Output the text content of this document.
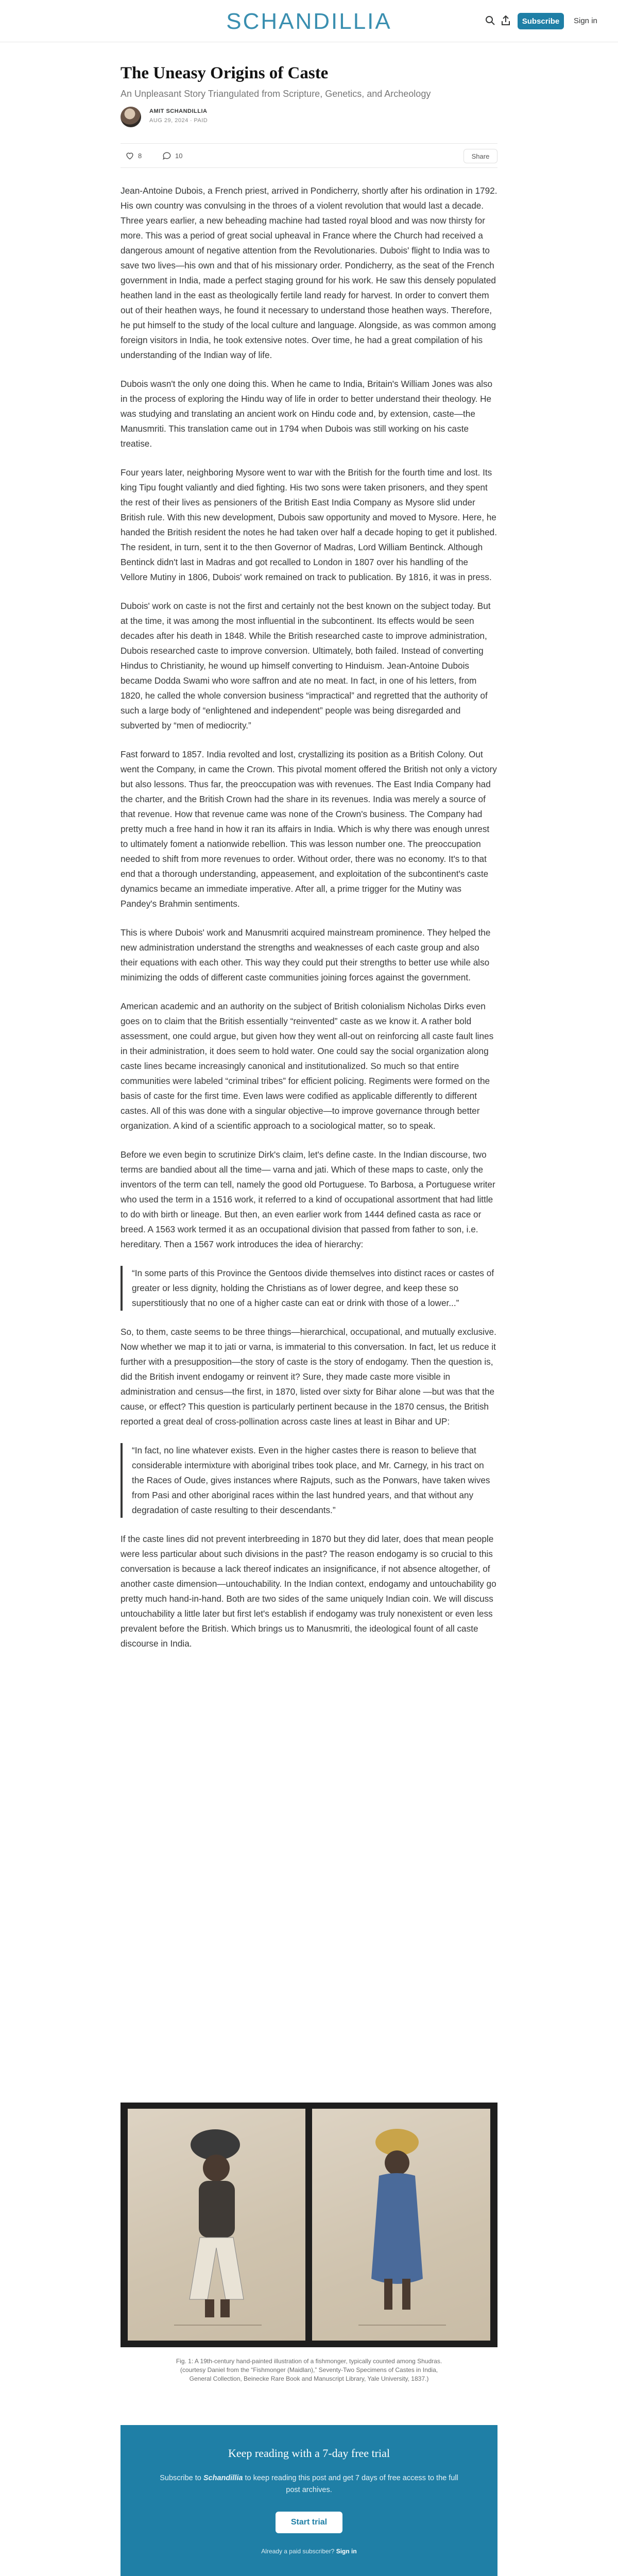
SCHANDILLIA	Subscribe	Sign in
The Uneasy Origins of Caste
An Unpleasant Story Triangulated from Scripture, Genetics, and Archeology
AMIT SCHANDILLIA
AUG 29, 2024 ∙ PAID
8	10	Share

Jean-Antoine Dubois, a French priest, arrived in Pondicherry, shortly after his ordination in 1792. His own country was convulsing in the throes of a violent revolution that would last a decade. Three years earlier, a new beheading machine had tasted royal blood and was now thirsty for more. This was a period of great social upheaval in France where the Church had received a dangerous amount of negative attention from the Revolutionaries. Dubois' flight to India was to save two lives—his own and that of his missionary order. Pondicherry, as the seat of the French government in India, made a perfect staging ground for his work. He saw this densely populated heathen land in the east as theologically fertile land ready for harvest. In order to convert them out of their heathen ways, he found it necessary to understand those heathen ways. Therefore, he put himself to the study of the local culture and language. Alongside, as was common among foreign visitors in India, he took extensive notes. Over time, he had a great compilation of his understanding of the Indian way of life.

Dubois wasn't the only one doing this. When he came to India, Britain's William Jones was also in the process of exploring the Hindu way of life in order to better understand their theology. He was studying and translating an ancient work on Hindu code and, by extension, caste—the Manusmriti. This translation came out in 1794 when Dubois was still working on his caste treatise.

Four years later, neighboring Mysore went to war with the British for the fourth time and lost. Its king Tipu fought valiantly and died fighting. His two sons were taken prisoners, and they spent the rest of their lives as pensioners of the British East India Company as Mysore slid under British rule. With this new development, Dubois saw opportunity and moved to Mysore. Here, he handed the British resident the notes he had taken over half a decade hoping to get it published. The resident, in turn, sent it to the then Governor of Madras, Lord William Bentinck. Although Bentinck didn't last in Madras and got recalled to London in 1807 over his handling of the Vellore Mutiny in 1806, Dubois' work remained on track to publication. By 1816, it was in press.

Dubois' work on caste is not the first and certainly not the best known on the subject today. But at the time, it was among the most influential in the subcontinent. Its effects would be seen decades after his death in 1848. While the British researched caste to improve administration, Dubois researched caste to improve conversion. Ultimately, both failed. Instead of converting Hindus to Christianity, he wound up himself converting to Hinduism. Jean-Antoine Dubois became Dodda Swami who wore saffron and ate no meat. In fact, in one of his letters, from 1820, he called the whole conversion business “impractical” and regretted that the authority of such a large body of “enlightened and independent” people was being disregarded and subverted by “men of mediocrity.”

Fast forward to 1857. India revolted and lost, crystallizing its position as a British Colony. Out went the Company, in came the Crown. This pivotal moment offered the British not only a victory but also lessons. Thus far, the preoccupation was with revenues. The East India Company had the charter, and the British Crown had the share in its revenues. India was merely a source of that revenue. How that revenue came was none of the Crown's business. The Company had pretty much a free hand in how it ran its affairs in India. Which is why there was enough unrest to ultimately foment a nationwide rebellion. This was lesson number one. The preoccupation needed to shift from more revenues to order. Without order, there was no economy. It's to that end that a thorough understanding, appeasement, and exploitation of the subcontinent's caste dynamics became an immediate imperative. After all, a prime trigger for the Mutiny was Pandey's Brahmin sentiments.

This is where Dubois' work and Manusmriti acquired mainstream prominence. They helped the new administration understand the strengths and weaknesses of each caste group and also their equations with each other. This way they could put their strengths to better use while also minimizing the odds of different caste communities joining forces against the government.

American academic and an authority on the subject of British colonialism Nicholas Dirks even goes on to claim that the British essentially “reinvented” caste as we know it. A rather bold assessment, one could argue, but given how they went all-out on reinforcing all caste fault lines in their administration, it does seem to hold water. One could say the social organization along caste lines became increasingly canonical and institutionalized. So much so that entire communities were labeled “criminal tribes” for efficient policing. Regiments were formed on the basis of caste for the first time. Even laws were codified as applicable differently to different castes. All of this was done with a singular objective—to improve governance through better organization. A kind of a scientific approach to a sociological matter, so to speak.

Before we even begin to scrutinize Dirk's claim, let's define caste. In the Indian discourse, two terms are bandied about all the time— varna and jati. Which of these maps to caste, only the inventors of the term can tell, namely the good old Portuguese. To Barbosa, a Portuguese writer who used the term in a 1516 work, it referred to a kind of occupational assortment that had little to do with birth or lineage. But then, an even earlier work from 1444 defined casta as race or breed. A 1563 work termed it as an occupational division that passed from father to son, i.e. hereditary. Then a 1567 work introduces the idea of hierarchy:

“In some parts of this Province the Gentoos divide themselves into distinct races or castes of greater or less dignity, holding the Christians as of lower degree, and keep these so superstitiously that no one of a higher caste can eat or drink with those of a lower...”

So, to them, caste seems to be three things—hierarchical, occupational, and mutually exclusive. Now whether we map it to jati or varna, is immaterial to this conversation. In fact, let us reduce it further with a presupposition—the story of caste is the story of endogamy. Then the question is, did the British invent endogamy or reinvent it? Sure, they made caste more visible in administration and census—the first, in 1870, listed over sixty for Bihar alone —but was that the cause, or effect? This question is particularly pertinent because in the 1870 census, the British reported a great deal of cross-pollination across caste lines at least in Bihar and UP:

“In fact, no line whatever exists. Even in the higher castes there is reason to believe that considerable intermixture with aboriginal tribes took place, and Mr. Carnegy, in his tract on the Races of Oude, gives instances where Rajputs, such as the Ponwars, have taken wives from Pasi and other aboriginal races within the last hundred years, and that without any degradation of caste resulting to their descendants.”

If the caste lines did not prevent interbreeding in 1870 but they did later, does that mean people were less particular about such divisions in the past? The reason endogamy is so crucial to this conversation is because a lack thereof indicates an insignificance, if not absence altogether, of another caste dimension—untouchability. In the Indian context, endogamy and untouchability go pretty much hand-in-hand. Both are two sides of the same uniquely Indian coin. We will discuss untouchability a little later but first let's establish if endogamy was truly nonexistent or even less prevalent before the British. Which brings us to Manusmriti, the ideological fount of all caste discourse in India.

Fig. 1: A 19th-century hand-painted illustration of a fishmonger, typically counted among Shudras. (courtesy Daniel from the “Fishmonger (Maidlan),” Seventy-Two Specimens of Castes in India, General Collection, Beinecke Rare Book and Manuscript Library, Yale University, 1837.)
Keep reading with a 7-day free trial
Subscribe to Schandillia to keep reading this post and get 7 days of free access to the full post archives.
Start trial
Already a paid subscriber? Sign in
